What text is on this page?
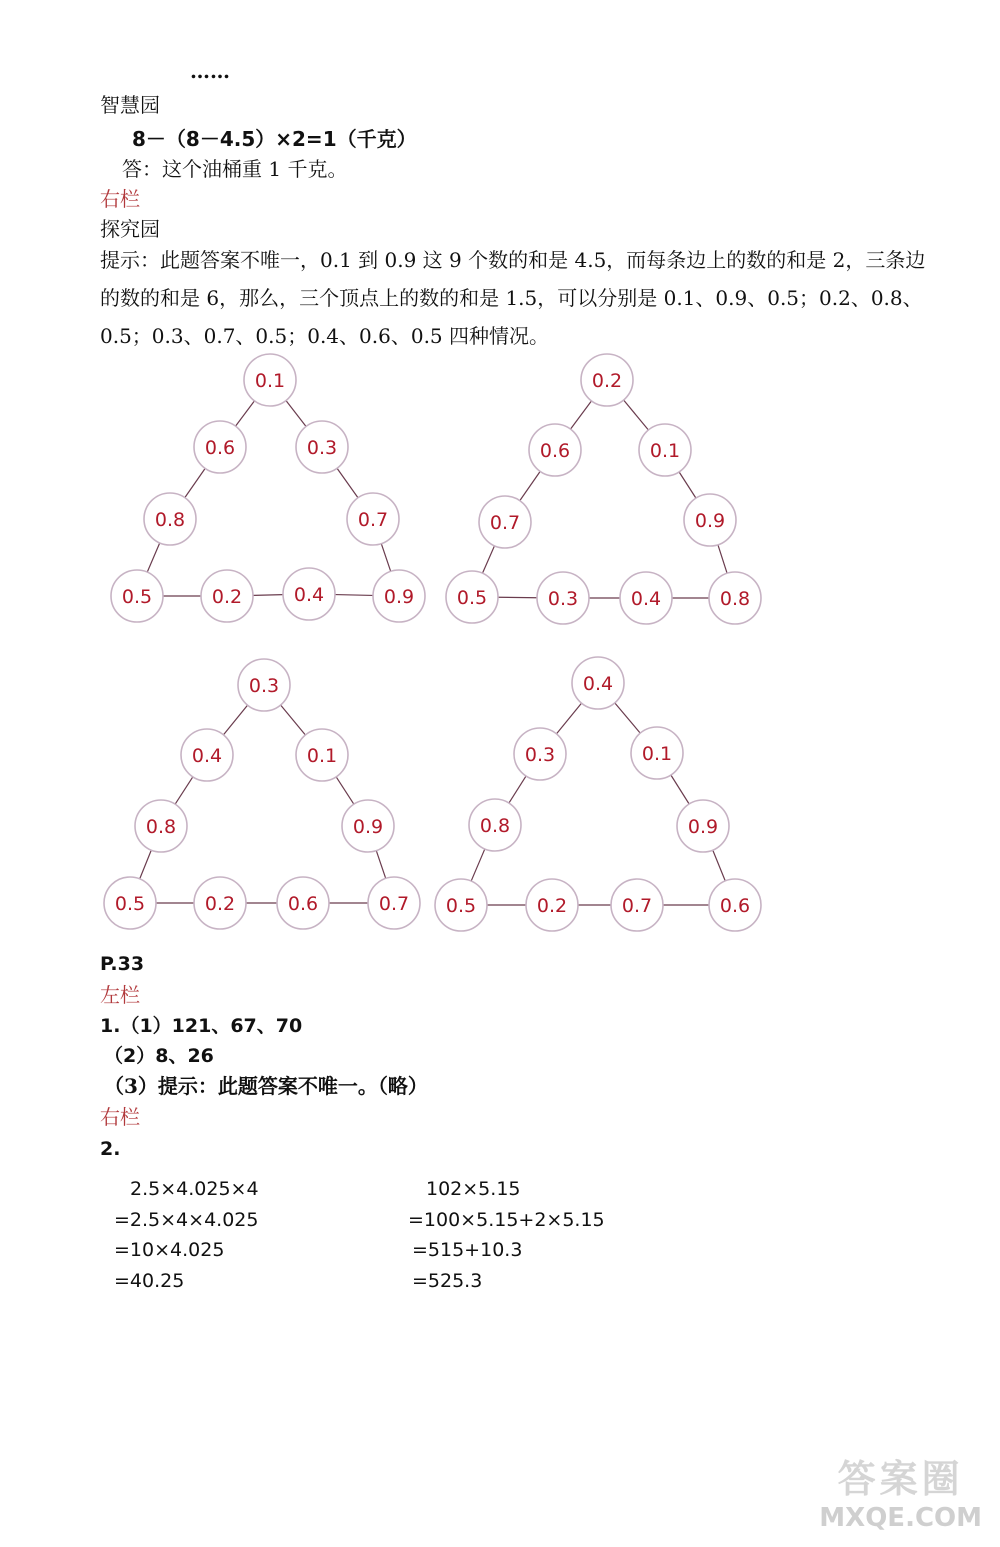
……
智慧园
8－（8－4.5）×2=1（千克）
答：这个油桶重 1 千克。
右栏
探究园
提示：此题答案不唯一，0.1 到 0.9 这 9 个数的和是 4.5，而每条边上的数的和是 2，三条边的数的和是 6，那么，三个顶点上的数的和是 1.5，可以分别是 0.1、0.9、0.5；0.2、0.8、0.5；0.3、0.7、0.5；0.4、0.6、0.5 四种情况。
0.1
0.6	0.3
0.8	0.7
0.5	0.2	0.4	0.9
0.2
0.6	0.1
0.7	0.9
0.5	0.3	0.4	0.8
0.3
0.4	0.1
0.8	0.9
0.5	0.2	0.6	0.7
0.4
0.3	0.1
0.8	0.9
0.5	0.2	0.7	0.6
P.33
左栏
1.（1）121、67、70
（2）8、26
（3）提示：此题答案不唯一。（略）
右栏
2.
2.5×4.025×4
=2.5×4×4.025
=10×4.025
=40.25
102×5.15
=100×5.15+2×5.15
=515+10.3
=525.3
答案圈
MXQE.COM
